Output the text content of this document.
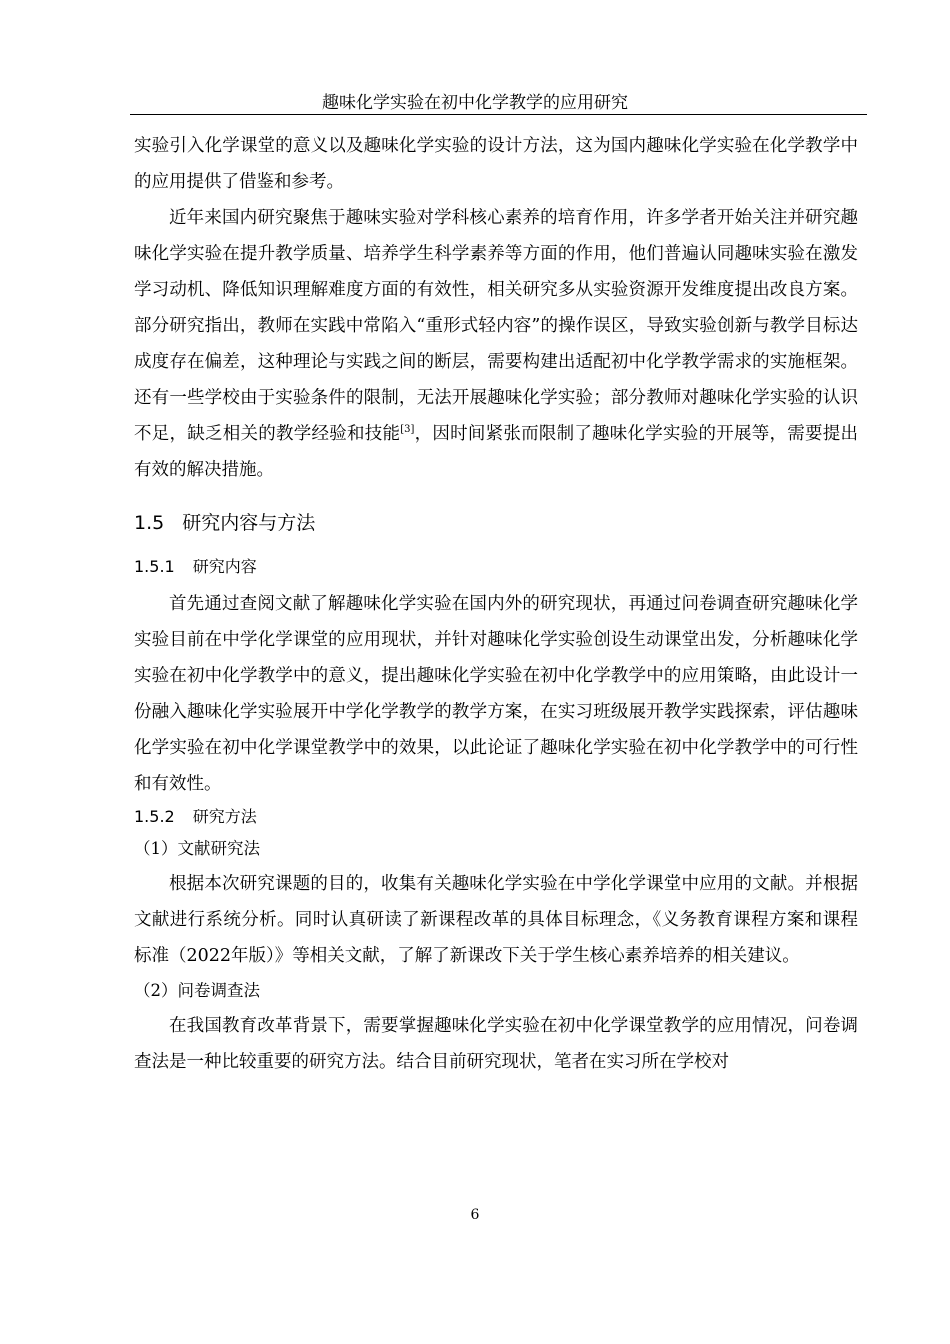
趣味化学实验在初中化学教学的应用研究

实验引入化学课堂的意义以及趣味化学实验的设计方法，这为国内趣味化学实验在化学教学中的应用提供了借鉴和参考。

近年来国内研究聚焦于趣味实验对学科核心素养的培育作用，许多学者开始关注并研究趣味化学实验在提升教学质量、培养学生科学素养等方面的作用，他们普遍认同趣味实验在激发学习动机、降低知识理解难度方面的有效性，相关研究多从实验资源开发维度提出改良方案。部分研究指出，教师在实践中常陷入“重形式轻内容”的操作误区，导致实验创新与教学目标达成度存在偏差，这种理论与实践之间的断层，需要构建出适配初中化学教学需求的实施框架。还有一些学校由于实验条件的限制，无法开展趣味化学实验；部分教师对趣味化学实验的认识不足，缺乏相关的教学经验和技能[3]，因时间紧张而限制了趣味化学实验的开展等，需要提出有效的解决措施。

1.5 研究内容与方法
1.5.1 研究内容

首先通过查阅文献了解趣味化学实验在国内外的研究现状，再通过问卷调查研究趣味化学实验目前在中学化学课堂的应用现状，并针对趣味化学实验创设生动课堂出发，分析趣味化学实验在初中化学教学中的意义，提出趣味化学实验在初中化学教学中的应用策略，由此设计一份融入趣味化学实验展开中学化学教学的教学方案，在实习班级展开教学实践探索，评估趣味化学实验在初中化学课堂教学中的效果，以此论证了趣味化学实验在初中化学教学中的可行性和有效性。

1.5.2 研究方法

（1）文献研究法

根据本次研究课题的目的，收集有关趣味化学实验在中学化学课堂中应用的文献。并根据文献进行系统分析。同时认真研读了新课程改革的具体目标理念，《义务教育课程方案和课程标准（2022年版）》等相关文献，了解了新课改下关于学生核心素养培养的相关建议。

（2）问卷调查法

在我国教育改革背景下，需要掌握趣味化学实验在初中化学课堂教学的应用情况，问卷调查法是一种比较重要的研究方法。结合目前研究现状，笔者在实习所在学校对

6
